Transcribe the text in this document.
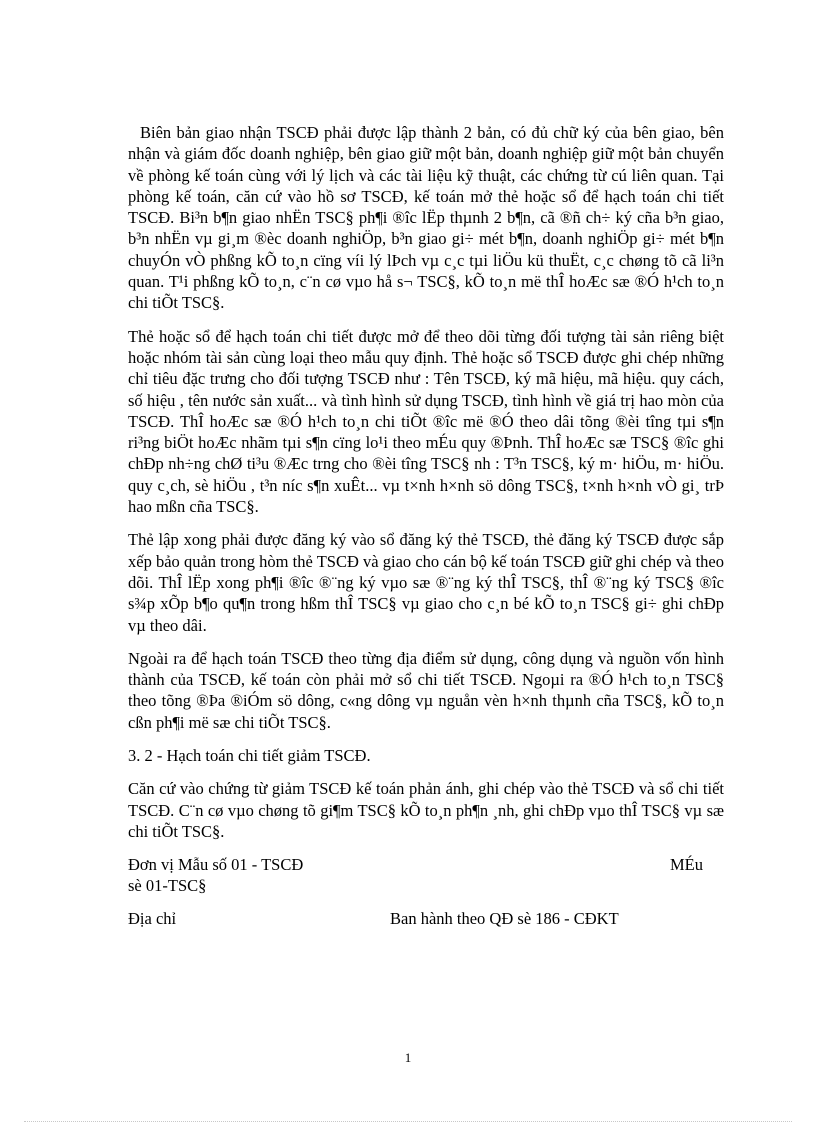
Biên bản giao nhận TSCĐ phải được lập thành 2 bản, có đủ chữ ký của bên giao, bên nhận và giám đốc doanh nghiệp, bên giao giữ một bản, doanh nghiệp giữ một bản chuyển về phòng kế toán cùng với lý lịch và các tài liệu kỹ thuật, các chứng từ cú liên quan. Tại phòng kế toán, căn cứ vào hồ sơ TSCĐ, kế toán mở thẻ hoặc sổ để hạch toán chi tiết TSCĐ. Bi³n b¶n giao nhËn TSC§ ph¶i ®îc lËp thµnh 2 b¶n, cã ®ñ ch÷ ký cña b³n giao, b³n nhËn vµ gi¸m ®èc doanh nghiÖp, b³n giao gi÷ mét b¶n, doanh nghiÖp gi÷ mét b¶n chuyÓn vÒ phßng kÕ to¸n cïng víi lý lÞch vµ c¸c tµi liÖu kü thuËt, c¸c chøng tõ cã li³n quan. T¹i phßng kÕ to¸n, c¨n cø vµo hå s¬ TSC§, kÕ to¸n më thÎ hoÆc sæ ®Ó h¹ch to¸n chi tiÕt TSC§.

Thẻ hoặc sổ để hạch toán chi tiết được mở để theo dõi từng đối tượng tài sản riêng biệt hoặc nhóm tài sản cùng loại theo mẫu quy định. Thẻ hoặc sổ TSCĐ được ghi chép những chỉ tiêu đặc trưng cho đối tượng TSCĐ như : Tên TSCĐ, ký mã hiệu, mã hiệu. quy cách, số hiệu , tên nước sản xuất... và tình hình sử dụng TSCĐ, tình hình về giá trị hao mòn của TSCĐ. ThÎ hoÆc sæ ®Ó h¹ch to¸n chi tiÕt ®îc më ®Ó theo dâi tõng ®èi tîng tµi s¶n ri³ng biÖt hoÆc nhãm tµi s¶n cïng lo¹i theo mÉu quy ®Þnh. ThÎ hoÆc sæ TSC§ ®îc ghi chÐp nh÷ng chØ ti³u ®Æc trng cho ®èi tîng TSC§ nh : T³n TSC§, ký m· hiÖu, m· hiÖu. quy c¸ch, sè hiÖu , t³n níc s¶n xuÊt... vµ t×nh h×nh sö dông TSC§, t×nh h×nh vÒ gi¸ trÞ hao mßn cña TSC§.

Thẻ lập xong phải được đăng ký vào sổ đăng ký thẻ TSCĐ, thẻ đăng ký TSCĐ được sắp xếp bảo quản trong hòm thẻ TSCĐ và giao cho cán bộ kế toán TSCĐ giữ ghi chép và theo dõi. ThÎ lËp xong ph¶i ®îc ®¨ng ký vµo sæ ®¨ng ký thÎ TSC§, thÎ ®¨ng ký TSC§ ®îc s¾p xÕp b¶o qu¶n trong hßm thÎ TSC§ vµ giao cho c¸n bé kÕ to¸n TSC§ gi÷ ghi chÐp vµ theo dâi.

Ngoài ra để hạch toán TSCĐ theo từng địa điểm sử dụng, công dụng và nguồn vốn hình thành của TSCĐ, kế toán còn phải mở sổ chi tiết TSCĐ. Ngoµi ra ®Ó h¹ch to¸n TSC§ theo tõng ®Þa ®iÓm sö dông, c«ng dông vµ nguån vèn h×nh thµnh cña TSC§, kÕ to¸n cßn ph¶i më sæ chi tiÕt TSC§.

3. 2 - Hạch toán chi tiết giảm TSCĐ.

Căn cứ vào chứng từ giảm TSCĐ kế toán phản ánh, ghi chép vào thẻ TSCĐ và sổ chi tiết TSCĐ. C¨n cø vµo chøng tõ gi¶m TSC§ kÕ to¸n ph¶n ¸nh, ghi chÐp vµo thÎ TSC§ vµ sæ chi tiÕt TSC§.

Đơn vị Mẫu số 01 - TSCĐ	MÉu
sè 01-TSC§
Địa chỉ	Ban hành theo QĐ sè 186 - CĐKT
1
